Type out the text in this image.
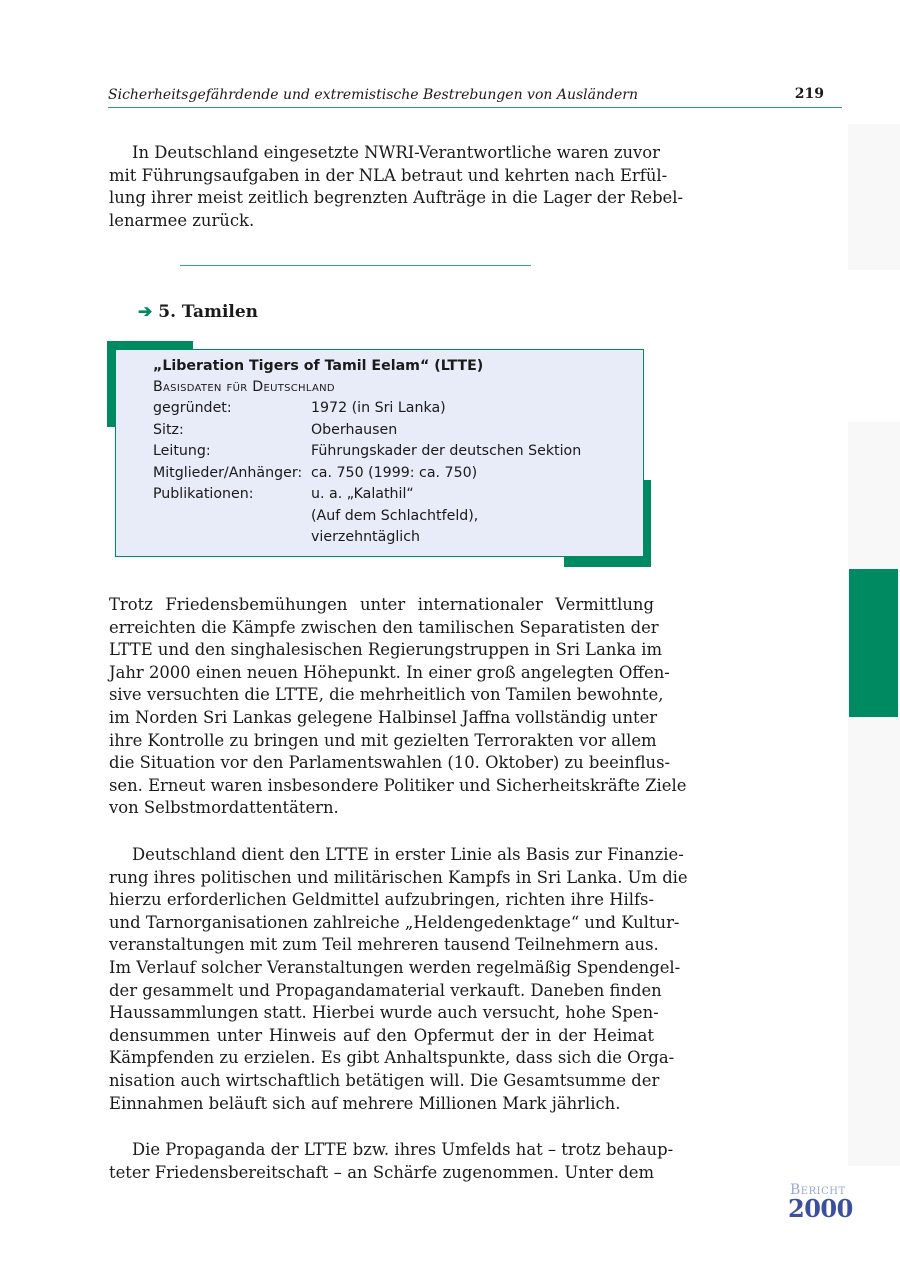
Sicherheitsgefährdende und extremistische Bestrebungen von Ausländern	219

In Deutschland eingesetzte NWRI-Verantwortliche waren zuvor
mit Führungsaufgaben in der NLA betraut und kehrten nach Erfül-
lung ihrer meist zeitlich begrenzten Aufträge in die Lager der Rebel-
lenarmee zurück.

➔ 5. Tamilen
„Liberation Tigers of Tamil Eelam“ (LTTE)
Basisdaten für Deutschland
gegründet:	1972 (in Sri Lanka)
Sitz:	Oberhausen
Leitung:	Führungskader der deutschen Sektion
Mitglieder/Anhänger: ca. 750 (1999: ca. 750)
Publikationen:	u. a. „Kalathil“
(Auf dem Schlachtfeld),
vierzehntäglich

Trotz Friedensbemühungen unter internationaler Vermittlung
erreichten die Kämpfe zwischen den tamilischen Separatisten der
LTTE und den singhalesischen Regierungstruppen in Sri Lanka im
Jahr 2000 einen neuen Höhepunkt. In einer groß angelegten Offen-
sive versuchten die LTTE, die mehrheitlich von Tamilen bewohnte,
im Norden Sri Lankas gelegene Halbinsel Jaffna vollständig unter
ihre Kontrolle zu bringen und mit gezielten Terrorakten vor allem
die Situation vor den Parlamentswahlen (10. Oktober) zu beeinflus-
sen. Erneut waren insbesondere Politiker und Sicherheitskräfte Ziele
von Selbstmordattentätern.

Deutschland dient den LTTE in erster Linie als Basis zur Finanzie-
rung ihres politischen und militärischen Kampfs in Sri Lanka. Um die
hierzu erforderlichen Geldmittel aufzubringen, richten ihre Hilfs-
und Tarnorganisationen zahlreiche „Heldengedenktage“ und Kultur-
veranstaltungen mit zum Teil mehreren tausend Teilnehmern aus.
Im Verlauf solcher Veranstaltungen werden regelmäßig Spendengel-
der gesammelt und Propagandamaterial verkauft. Daneben finden
Haussammlungen statt. Hierbei wurde auch versucht, hohe Spen-
densummen unter Hinweis auf den Opfermut der in der Heimat
Kämpfenden zu erzielen. Es gibt Anhaltspunkte, dass sich die Orga-
nisation auch wirtschaftlich betätigen will. Die Gesamtsumme der
Einnahmen beläuft sich auf mehrere Millionen Mark jährlich.

Die Propaganda der LTTE bzw. ihres Umfelds hat – trotz behaup-
teter Friedensbereitschaft – an Schärfe zugenommen. Unter dem

Bericht
2000
